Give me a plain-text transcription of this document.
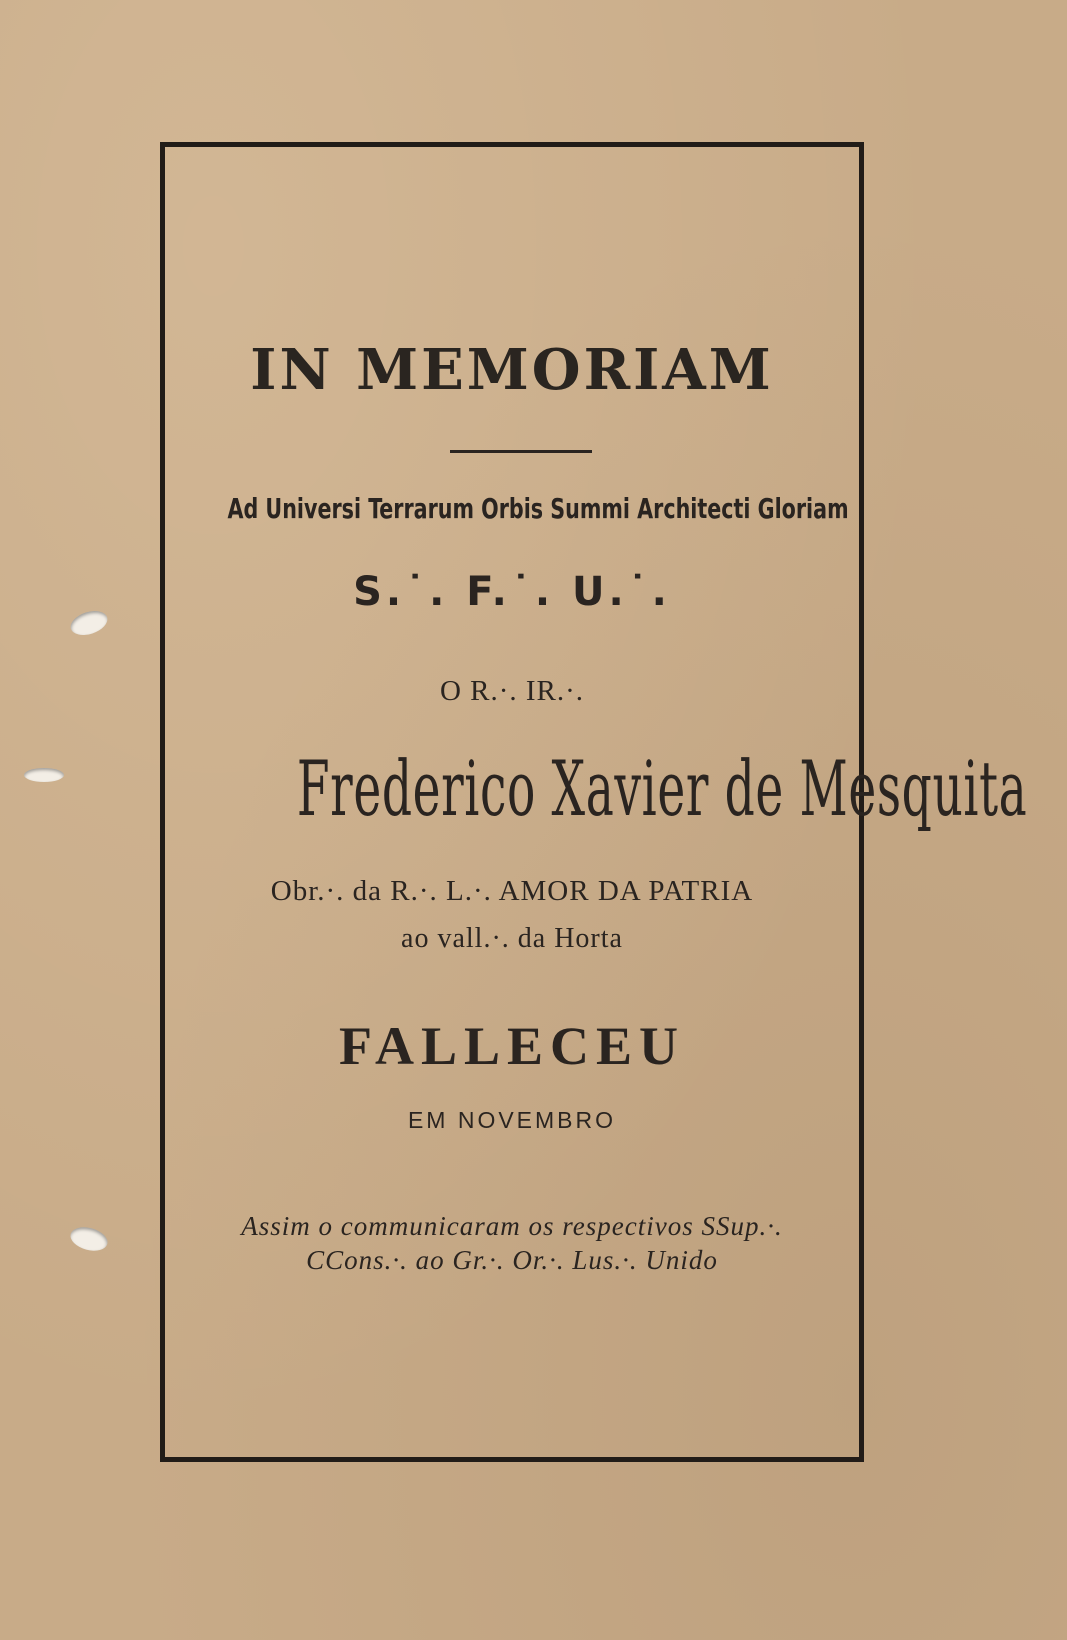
IN MEMORIAM
Ad Universi Terrarum Orbis Summi Architecti Gloriam
S.˙. F.˙. U.˙.
O R.·. IR.·.
Frederico Xavier de Mesquita
Obr.·. da R.·. L.·. AMOR DA PATRIA
ao vall.·. da Horta
FALLECEU
EM NOVEMBRO
Assim o communicaram os respectivos SSup.·.
CCons.·. ao Gr.·. Or.·. Lus.·. Unido
